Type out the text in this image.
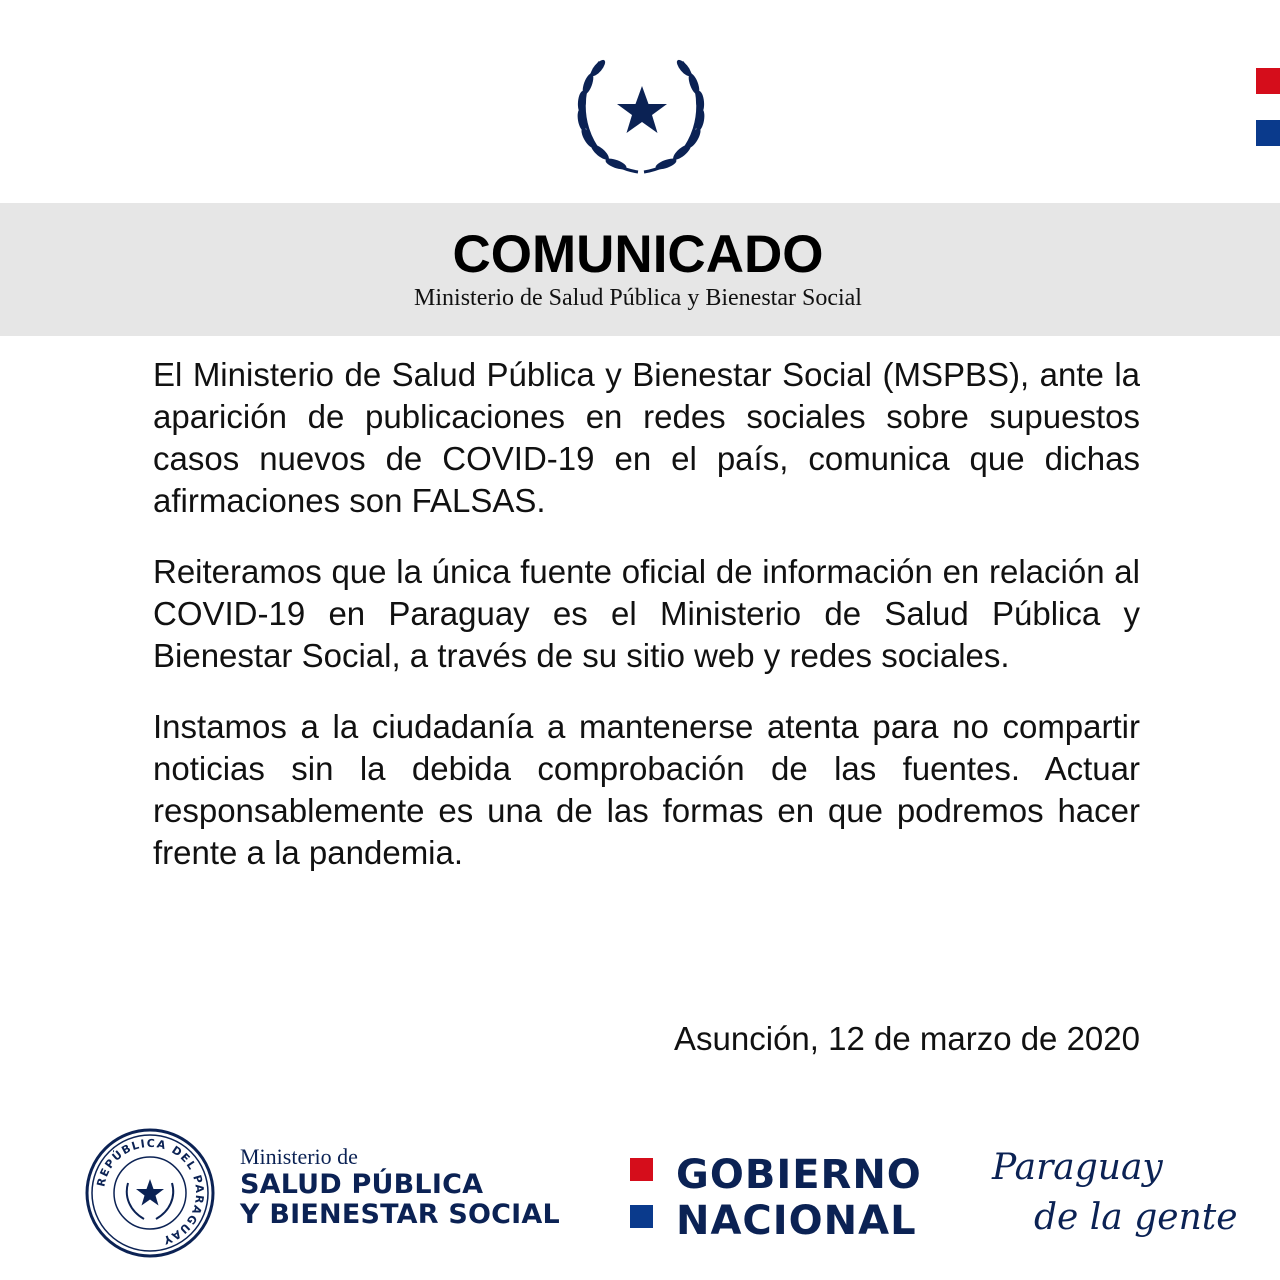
COMUNICADO
Ministerio de Salud Pública y Bienestar Social

El Ministerio de Salud Pública y Bienestar Social (MSPBS), ante la aparición de publicaciones en redes sociales sobre supuestos casos nuevos de COVID-19 en el país, comunica que dichas afirmaciones son FALSAS.

Reiteramos que la única fuente oficial de información en relación al COVID-19 en Paraguay es el Ministerio de Salud Pública y Bienestar Social, a través de su sitio web y redes sociales.

Instamos a la ciudadanía a mantenerse atenta para no compartir noticias sin la debida comprobación de las fuentes. Actuar responsablemente es una de las formas en que podremos hacer frente a la pandemia.

Asunción, 12 de marzo de 2020
REPÚBLICA DEL PARAGUAY
Ministerio de
SALUD PÚBLICA
Y BIENESTAR SOCIAL
GOBIERNO
NACIONAL
Paraguay
de la gente
